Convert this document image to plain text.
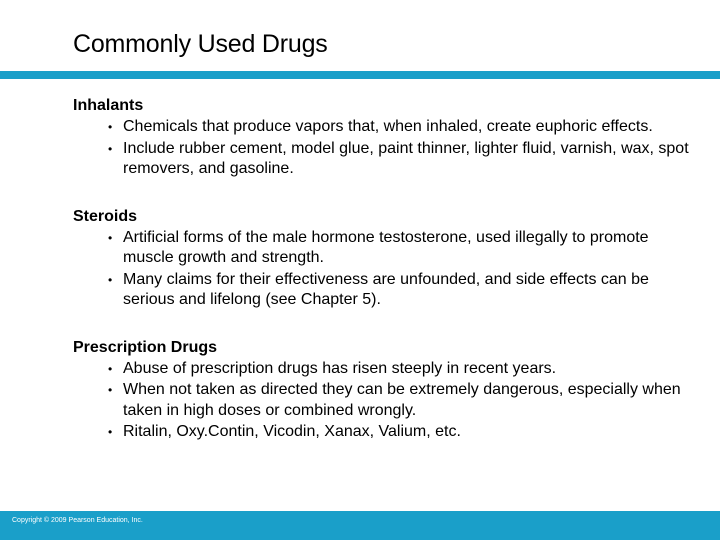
Commonly Used Drugs
Inhalants
• Chemicals that produce vapors that, when inhaled, create euphoric effects.
• Include rubber cement, model glue, paint thinner, lighter fluid, varnish, wax, spot removers, and gasoline.
Steroids
• Artificial forms of the male hormone testosterone, used illegally to promote muscle growth and strength.
• Many claims for their effectiveness are unfounded, and side effects can be serious and lifelong (see Chapter 5).
Prescription Drugs
• Abuse of prescription drugs has risen steeply in recent years.
• When not taken as directed they can be extremely dangerous, especially when taken in high doses or combined wrongly.
• Ritalin, Oxy.Contin, Vicodin, Xanax, Valium, etc.
Copyright © 2009 Pearson Education, Inc.
